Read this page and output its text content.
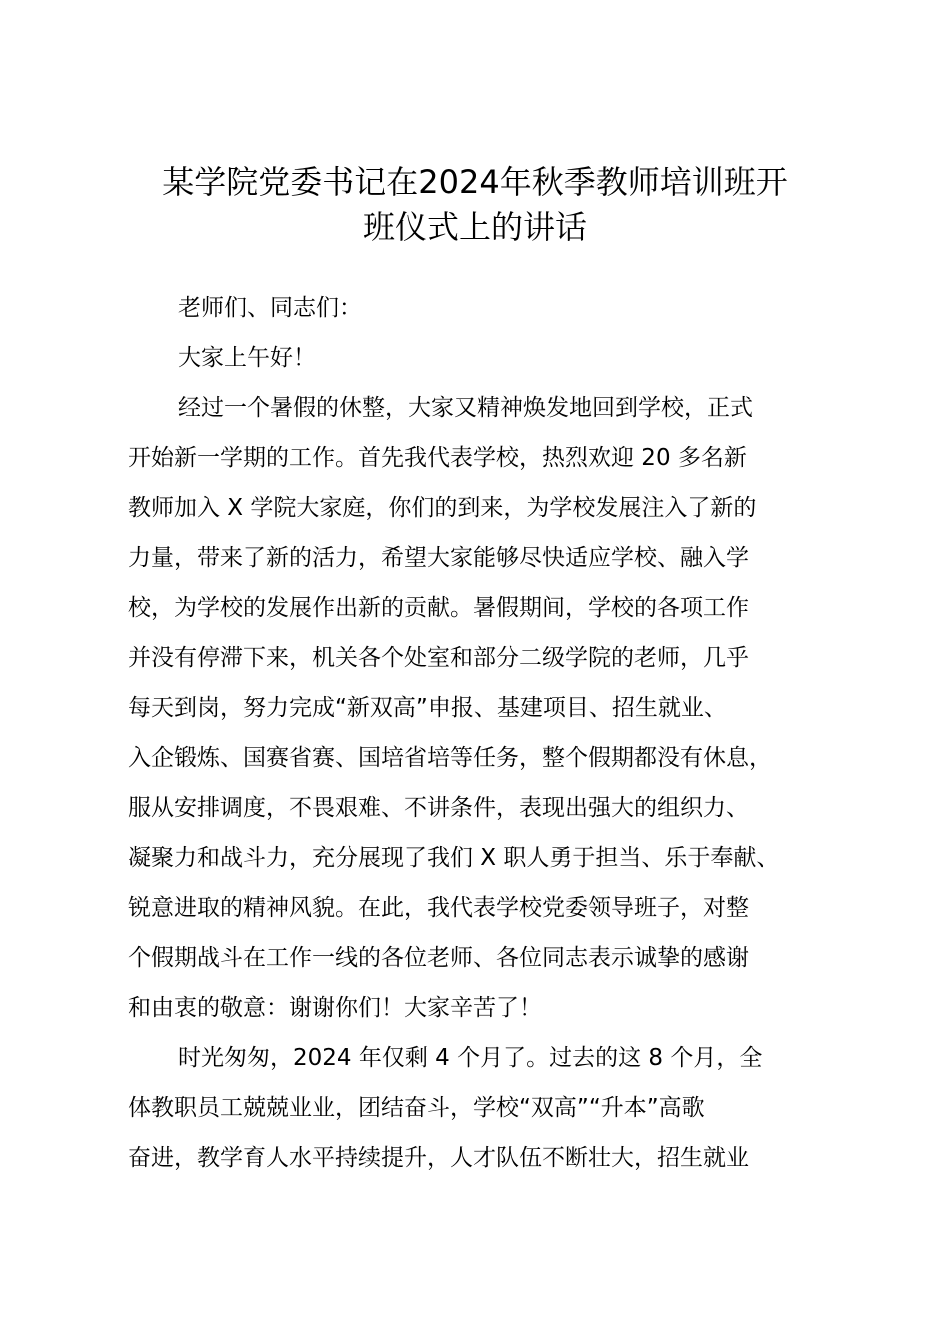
某学院党委书记在2024年秋季教师培训班开
班仪式上的讲话
老师们、同志们：
大家上午好！
经过一个暑假的休整，大家又精神焕发地回到学校，正式
开始新一学期的工作。首先我代表学校，热烈欢迎 20 多名新
教师加入 X 学院大家庭，你们的到来，为学校发展注入了新的
力量，带来了新的活力，希望大家能够尽快适应学校、融入学
校，为学校的发展作出新的贡献。暑假期间，学校的各项工作
并没有停滞下来，机关各个处室和部分二级学院的老师，几乎
每天到岗，努力完成“新双高”申报、基建项目、招生就业、
入企锻炼、国赛省赛、国培省培等任务，整个假期都没有休息，
服从安排调度，不畏艰难、不讲条件，表现出强大的组织力、
凝聚力和战斗力，充分展现了我们 X 职人勇于担当、乐于奉献、
锐意进取的精神风貌。在此，我代表学校党委领导班子，对整
个假期战斗在工作一线的各位老师、各位同志表示诚挚的感谢
和由衷的敬意：谢谢你们！大家辛苦了！
时光匆匆，2024 年仅剩 4 个月了。过去的这 8 个月，全
体教职员工兢兢业业，团结奋斗，学校“双高”“升本”高歌
奋进，教学育人水平持续提升，人才队伍不断壮大，招生就业
